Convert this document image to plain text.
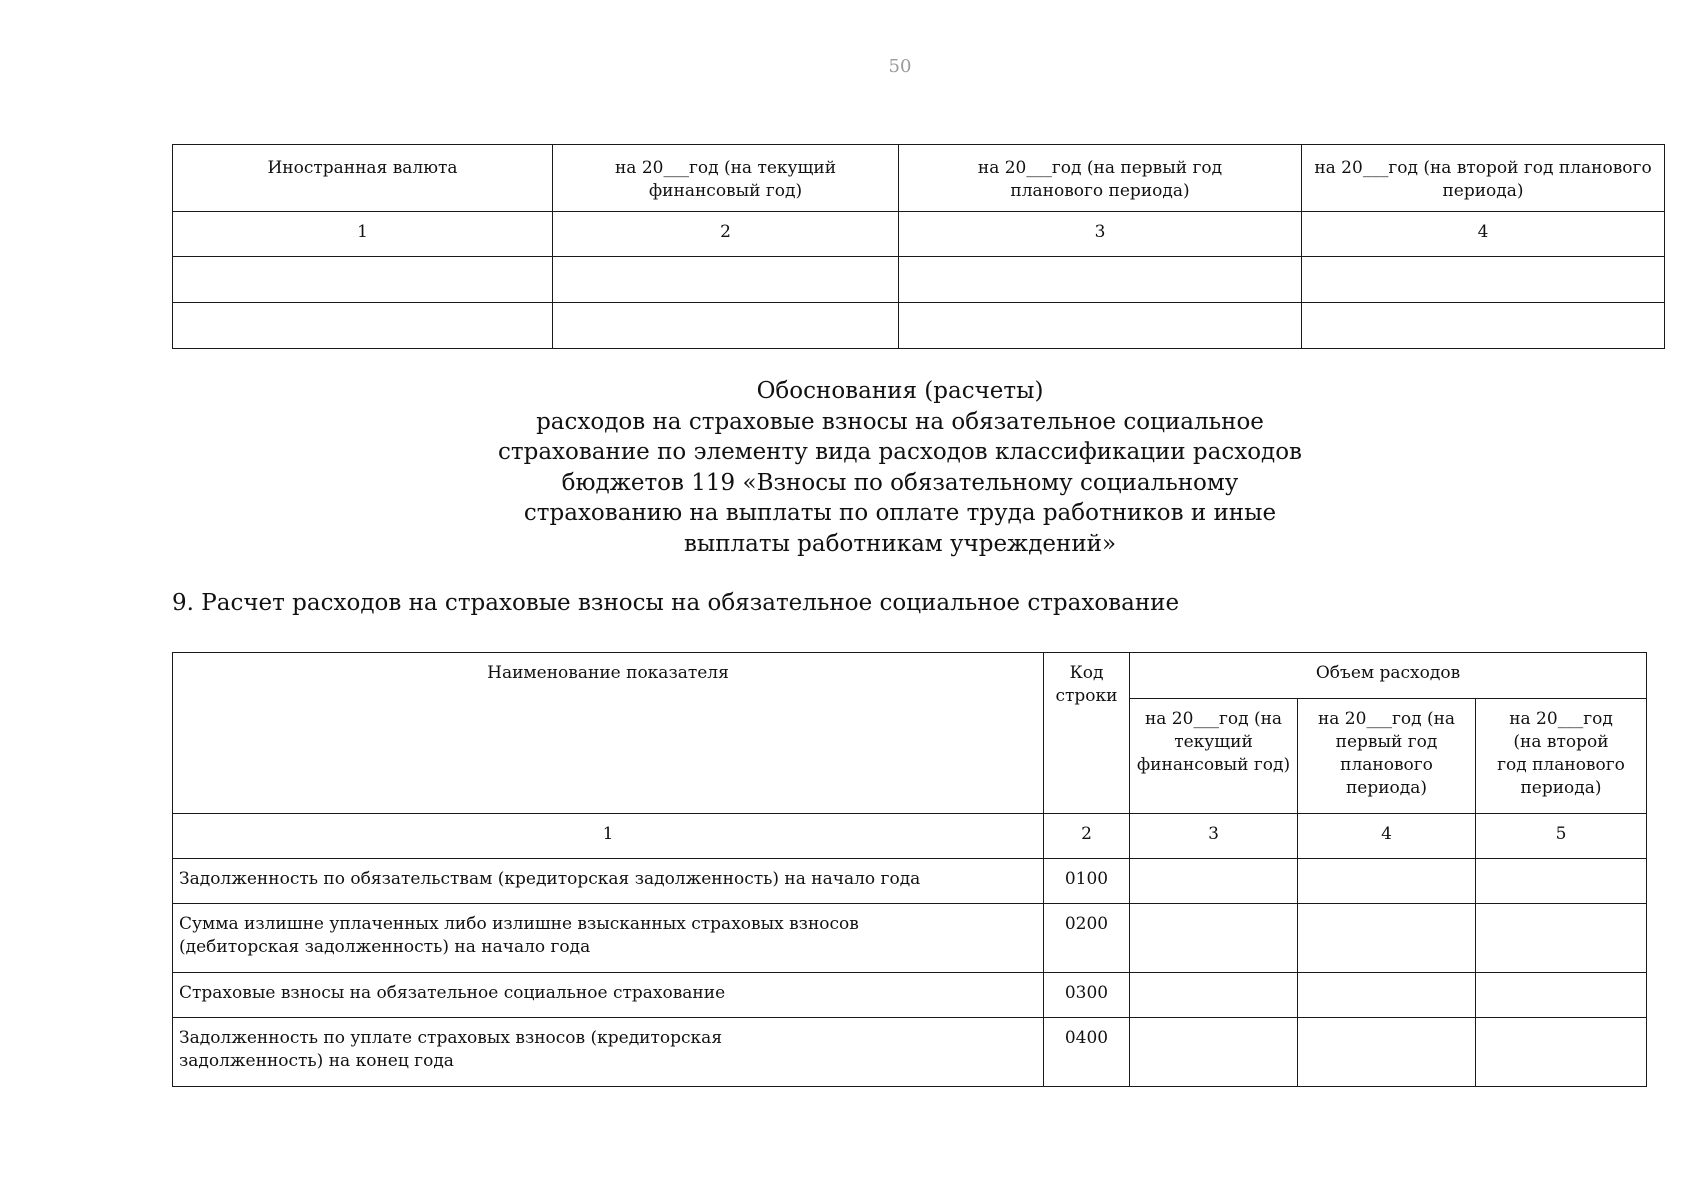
50
Иностранная валюта	на 20___год (на текущий финансовый год)	на 20___год (на первый год планового периода)	на 20___год (на второй год планового периода)
1	2	3	4

Обоснования (расчеты)
расходов на страховые взносы на обязательное социальное
страхование по элементу вида расходов классификации расходов
бюджетов 119 «Взносы по обязательному социальному
страхованию на выплаты по оплате труда работников и иные
выплаты работникам учреждений»
9. Расчет расходов на страховые взносы на обязательное социальное страхование
Наименование показателя	Код строки	Объем расходов		
		на 20___год (на текущий финансовый год)	на 20___год (на первый год планового периода)	на 20___год (на второй год планового периода)
1	2	3	4	5
Задолженность по обязательствам (кредиторская задолженность) на начало года	0100			
Сумма излишне уплаченных либо излишне взысканных страховых взносов (дебиторская задолженность) на начало года	0200			
Страховые взносы на обязательное социальное страхование	0300			
Задолженность по уплате страховых взносов (кредиторская задолженность) на конец года	0400			
